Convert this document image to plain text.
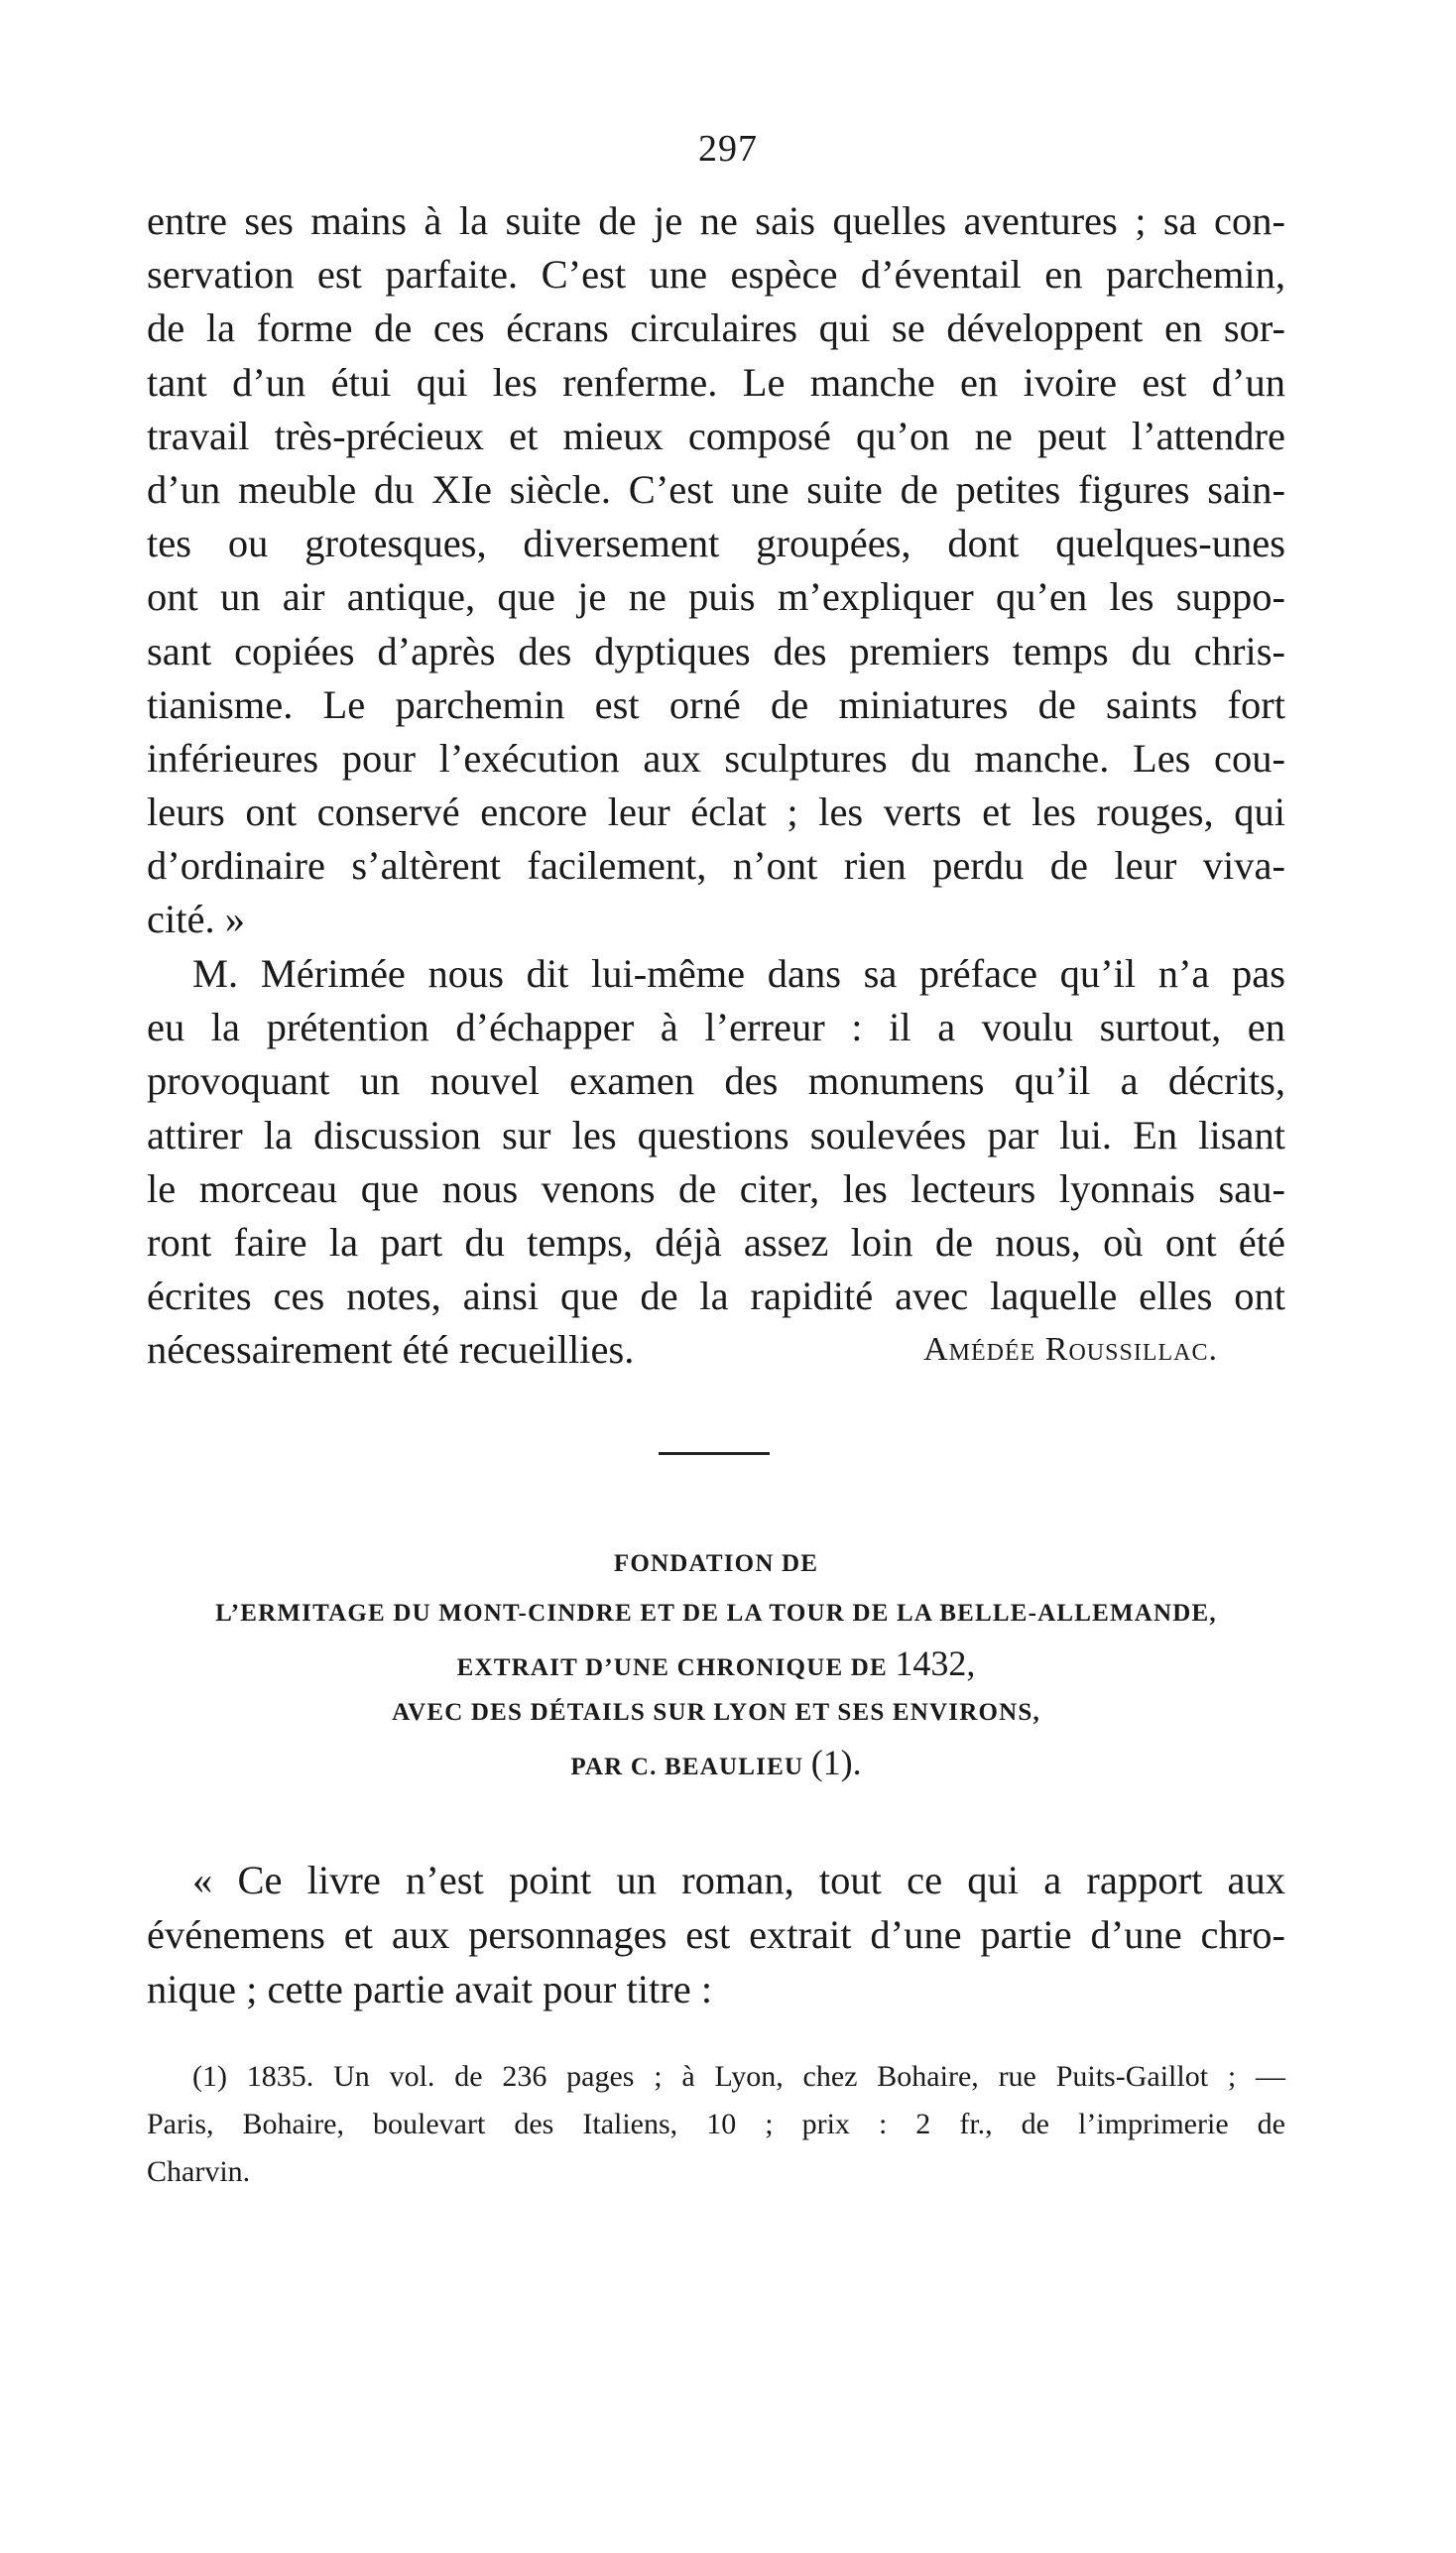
297
entre ses mains à la suite de je ne sais quelles aventures ; sa con-
servation est parfaite. C’est une espèce d’éventail en parchemin,
de la forme de ces écrans circulaires qui se développent en sor-
tant d’un étui qui les renferme. Le manche en ivoire est d’un
travail très-précieux et mieux composé qu’on ne peut l’attendre
d’un meuble du XIe siècle. C’est une suite de petites figures sain-
tes ou grotesques, diversement groupées, dont quelques-unes
ont un air antique, que je ne puis m’expliquer qu’en les suppo-
sant copiées d’après des dyptiques des premiers temps du chris-
tianisme. Le parchemin est orné de miniatures de saints fort
inférieures pour l’exécution aux sculptures du manche. Les cou-
leurs ont conservé encore leur éclat ; les verts et les rouges, qui
d’ordinaire s’altèrent facilement, n’ont rien perdu de leur viva-
cité. »
M. Mérimée nous dit lui-même dans sa préface qu’il n’a pas
eu la prétention d’échapper à l’erreur : il a voulu surtout, en
provoquant un nouvel examen des monumens qu’il a décrits,
attirer la discussion sur les questions soulevées par lui. En lisant
le morceau que nous venons de citer, les lecteurs lyonnais sau-
ront faire la part du temps, déjà assez loin de nous, où ont été
écrites ces notes, ainsi que de la rapidité avec laquelle elles ont
nécessairement été recueillies.	Amédée Roussillac.
FONDATION DE
L’ERMITAGE DU MONT-CINDRE ET DE LA TOUR DE LA BELLE-ALLEMANDE,
EXTRAIT D’UNE CHRONIQUE DE 1432,
AVEC DES DÉTAILS SUR LYON ET SES ENVIRONS,
PAR C. BEAULIEU (1).
« Ce livre n’est point un roman, tout ce qui a rapport aux
événemens et aux personnages est extrait d’une partie d’une chro-
nique ; cette partie avait pour titre :
(1) 1835. Un vol. de 236 pages ; à Lyon, chez Bohaire, rue Puits-Gaillot ; —
Paris, Bohaire, boulevart des Italiens, 10 ; prix : 2 fr., de l’imprimerie de
Charvin.
